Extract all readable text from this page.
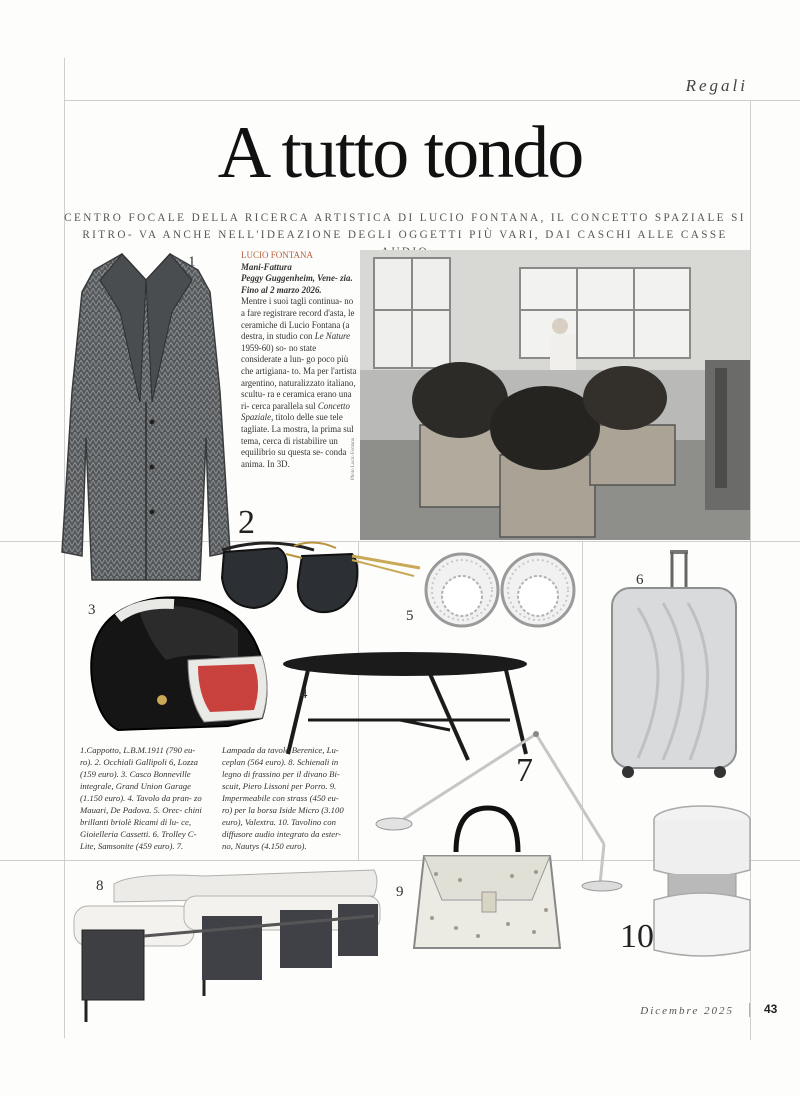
Regali
A tutto tondo
CENTRO FOCALE DELLA RICERCA ARTISTICA DI LUCIO FONTANA, IL CONCETTO SPAZIALE SI RITRO- VA ANCHE NELL'IDEAZIONE DEGLI OGGETTI PIÙ VARI, DAI CASCHI ALLE CASSE
1	LUCIO FONTANA
Mani-Fattura
Peggy Guggenheim, Vene- zia. Fino al 2 marzo 2026.
Mentre i suoi tagli continua- no a fare registrare record d'asta, le ceramiche di Lucio Fontana (a destra, in studio con Le Nature 1959-60) so- no state considerate a lun- go poco più che artigiana- to. Ma per l'artista argentino, naturalizzato italiano, scultu- ra e ceramica erano una ri- cerca parallela sul Concetto Spaziale, titolo delle sue tele tagliate. La mostra, la prima sul tema, cerca di ristabilire un equilibrio su questa se- conda anima. In 3D.	Photo Lucio Fontana
2
5
6
3
4
1.Cappotto, L.B.M.1911 (790 eu- ro). 2. Occhiali Gallipoli 6, Lozza (159 euro). 3. Casco Bonneville integrale, Grand Union Garage (1.150 euro). 4. Tavolo da pran- zo Mauari, De Padova. 5. Orec- chini brillanti briolè Ricami di lu- ce, Gioielleria Cassetti. 6. Trolley C-Lite, Samsonite (459 euro). 7.
Lampada da tavolo Berenice, Lu- ceplan (564 euro). 8. Schienali in legno di frassino per il divano Bi- scuit, Piero Lissoni per Porro. 9. Impermeabile con strass (450 eu- ro) per la borsa Iside Micro (3.100 euro), Valextra. 10. Tavolino con diffusore audio integrato da ester- no, Nautys (4.150 euro).
7
9
10
8
Dicembre 2025	43
